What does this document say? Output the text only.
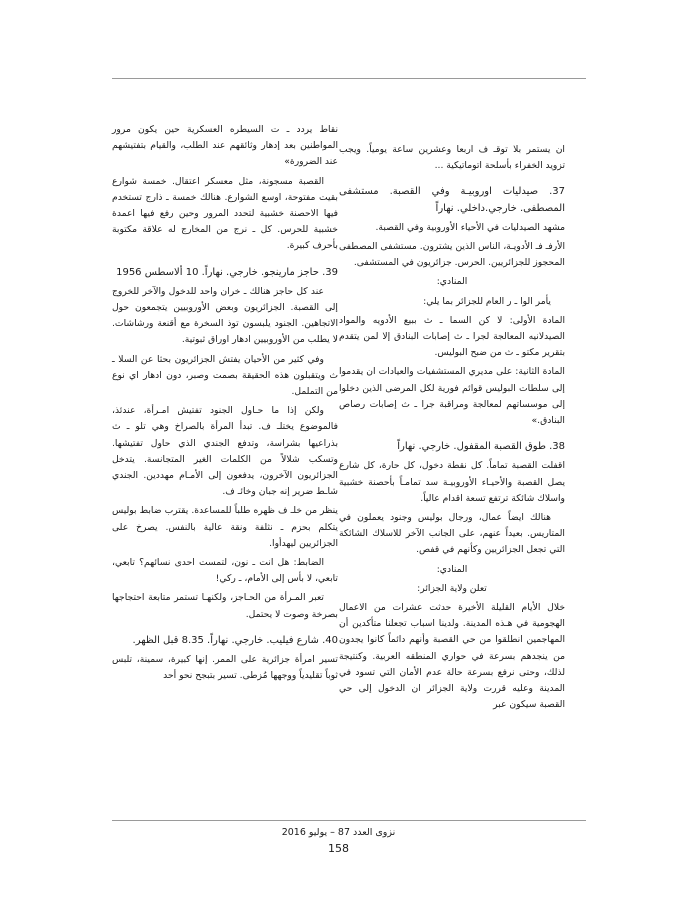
ان يستمر بلا توقـ ف اربعا وعشرين ساعة يومياً. ويجب تزويد الخفراء بأسلحة اتوماتيكية ...

37. صيدليات اوروبيـة وفي القصبة. مستشفى المصطفى. خارجي.داخلي. نهاراً

مشهد الصيدليات في الأحياء الأوروبية وفي القصبة.

الأرفـ فـ الأدويـة، الناس الذين يشترون. مستشفى المصطفى المحجوز للجزائريين. الحرس. جزائريون في المستشفى.

المنادي:

يأمر الوا ـ ر العام للجزائر بما يلي:

المادة الأولى: لا كن السما ـ ث ببيع الأدويه والمواد الصيدلانيه المعالجة لجرا ـ ث إصابات البنادق إلا لمن يتقدم بتقرير مكتو ـ ث من ضبح البوليس.

المادة الثانية: على مديري المستشفيات والعيادات ان يقدموا إلى سلطات البوليس قوائم فورية لكل المرضى الذين دخلوا إلى موسساتهم لمعالجة ومراقبة جرا ـ ث إصابات رصاص البنادق.»

38. طوق القصبة المقفول. خارجي. نهاراً

اقفلت القصبة تماماً. كل نقطة دخول، كل حارة، كل شارع يصل القصبة والأحيـاء الأوروبيـة سد تمامـاً بأحصنة خشبية واسلاك شائكة ترتفع تسعة اقدام عالياً.

هنالك ايضاً عمال، ورجال بوليس وجنود يعملون في المتاريس. بعيداً عنهم، على الجانب الآخر للاسلاك الشائكة التي تجعل الجزائريين وكأنهم في قفص.

المنادي:

تعلن ولاية الجزائر:

خلال الأيام القليلة الأخيرة حدثت عشرات من الاعمال الهجومية في هـذه المدينة. ولدينا اسباب تجعلنا متأكدين أن المهاجمين انطلقوا من حي القصبة وأنهم دائماً كانوا يجدون من ينجدهم بسرعة في حواري المنطقه العربية. وكنتيجة لذلك، وحتى نرفع بسرعة حالة عدم الأمان التي تسود في المدينة وعليه قررت ولاية الجزائر ان الدخول إلى حي القصبة سيكون عبر

نقاط يردد ـ ت السيطره العسكرية حين يكون مرور المواطنين بعد إدهار وثائقهم عند الطلب، والقيام بتفتيشهم عند الضرورة»

القصبة مسجونة، مثل معسكر اعتقال. خمسة شوارع بقيت مفتوحة، اوسع الشوارع. هنالك خمسة ـ ذارج تستخدم فيها الاحصنة خشبية لتحدد المرور وحين رفع فيها اعمدة خشبية للحرس. كل ـ نرج من المخارج له علاقة مكتوبة بأحرف كبيرة.

39. حاجز مارينجو. خارجي. نهاراً. 10 ألاسطس 1956

عند كل حاجز هنالك ـ خران واحد للدخول والآخر للخروج إلى القصبة. الجزائريون وبعض الأوروبيين يتجمعون حول الاتجاهين. الجنود يلبسون توذ السخرة مع أقنعة ورشاشات. لا يطلب من الأوروبيين ادهار اوراق ثبوتية.

وفي كثير من الأحيان يفتش الجزائريون بحثا عن السلا ـ ث ويتقبلون هذه الحقيقة بصمت وصبر، دون ادهار اي نوع من التململ.

ولكن إذا ما حـاول الجنود تفتيش امـرأة، عندئذ، فالموضوع يختلـ ف. تبدأ المرأة بالصراخ وهي تلو ـ ث بذراعيها بشراسة، وتدفع الجندي الذي حاول تفتيشها. وتسكب شلالاً من الكلمات الغير المتجانسة. يتدخل الجزائريون الآخرون، يدفعون إلى الأمـام مهددين. الجندي شاـط ضرير إنه جبان وخائـ ف.

ينظر من خلـ ف ظهره طلباً للمساعدة. يقترب ضابط بوليس يتكلم بحزم ـ نثلفة ونقة عالية بالنفس. يصرخ على الجزائريين ليهدأوا.

الضابط: هل انت ـ نون، لتمست احدى نسائهم؟ تابعي، تابعي، لا بأس إلى الأمام، ـ ركي!

تعبر المـرأة من الحـاجز، ولكنهـا تستمر متابعة احتجاجها بصرخة وصوت لا يحتمل.

40. شارع فيليب. خارجي. نهاراً. 8.35 قبل الظهر.

تسير امرأة جزائرية على الممر. إنها كبيرة، سمينة، تلبس ثوباً تقليدياً ووجهها مُزطى. تسير بتبجح نحو أحد

نزوى العدد 87 – يوليو 2016
158
